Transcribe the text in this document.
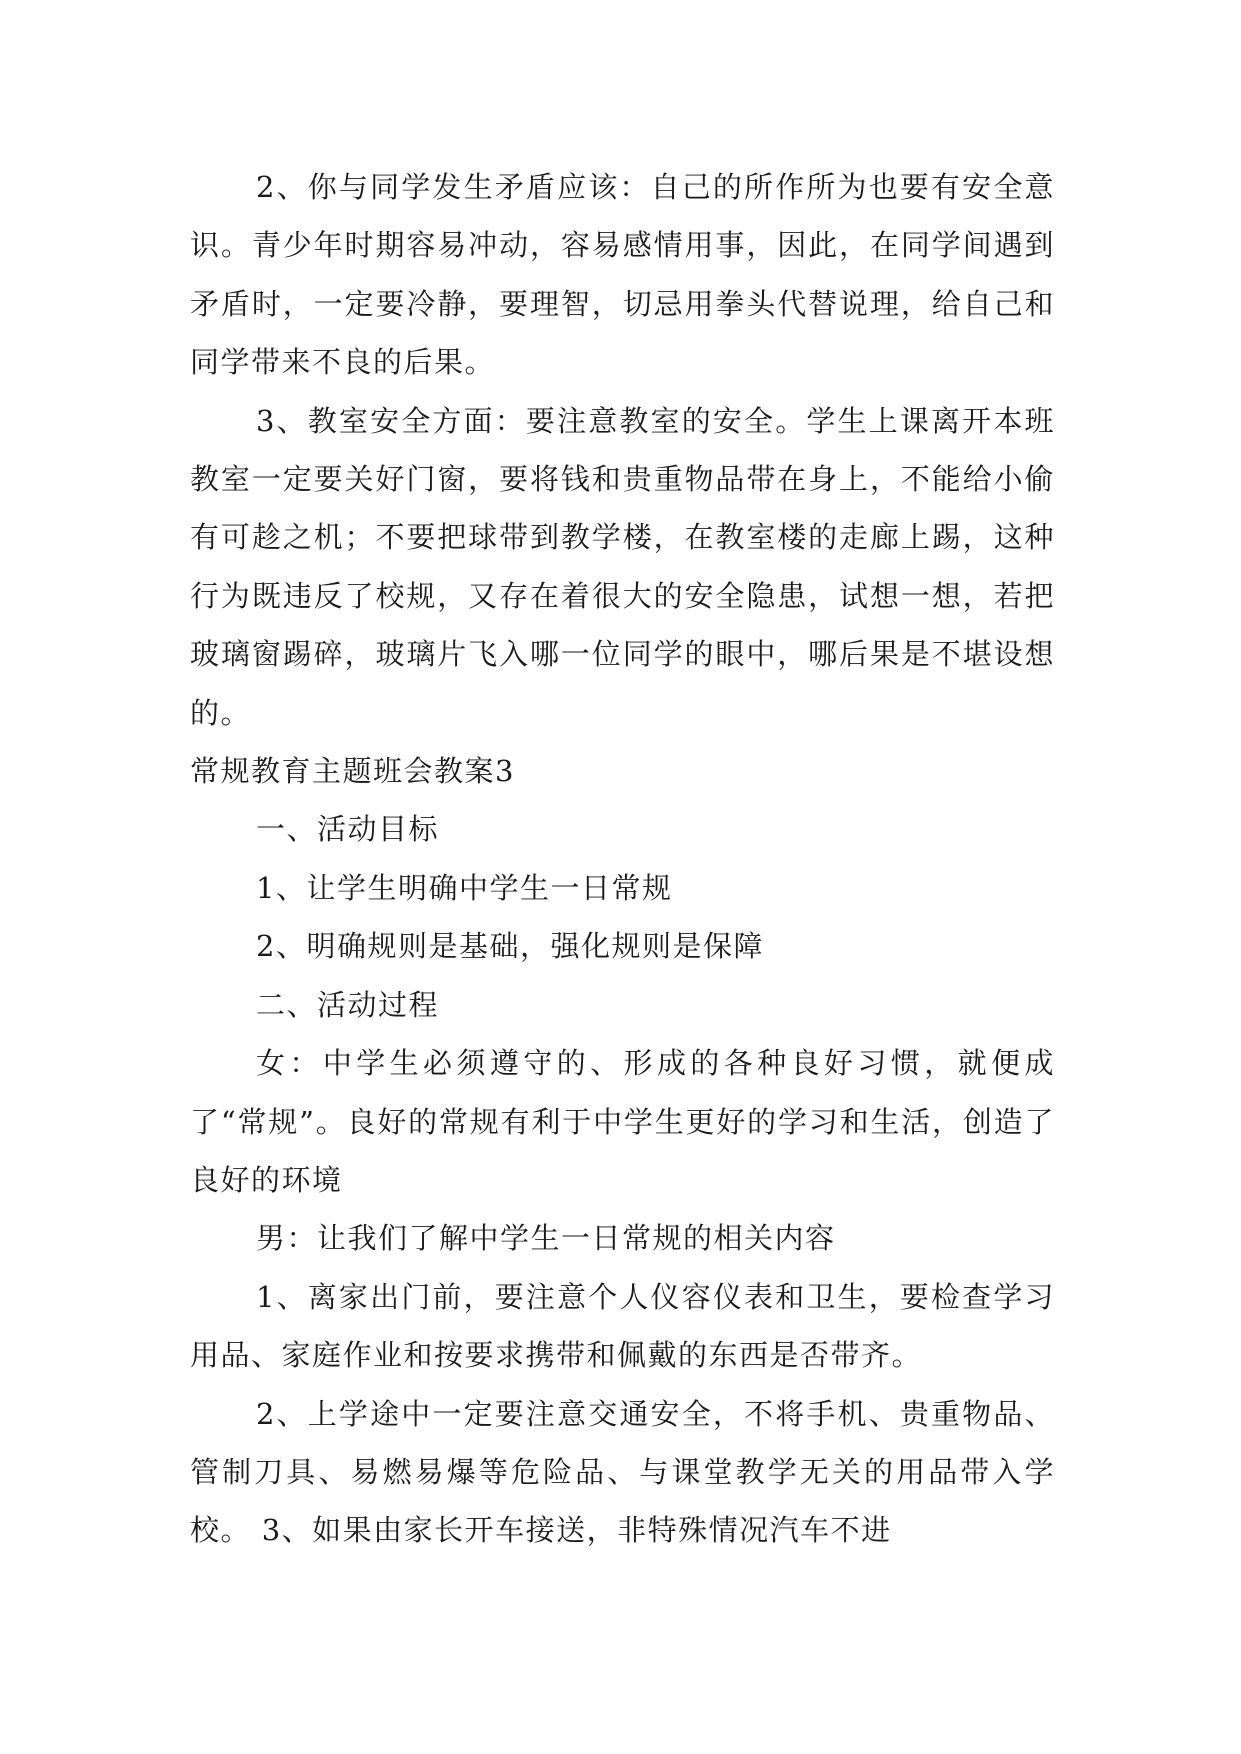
2、你与同学发生矛盾应该：自己的所作所为也要有安全意识。青少年时期容易冲动，容易感情用事，因此，在同学间遇到矛盾时，一定要冷静，要理智，切忌用拳头代替说理，给自己和同学带来不良的后果。

3、教室安全方面：要注意教室的安全。学生上课离开本班教室一定要关好门窗，要将钱和贵重物品带在身上，不能给小偷有可趁之机；不要把球带到教学楼，在教室楼的走廊上踢，这种行为既违反了校规，又存在着很大的安全隐患，试想一想，若把玻璃窗踢碎，玻璃片飞入哪一位同学的眼中，哪后果是不堪设想的。

常规教育主题班会教案3

一、活动目标

1、让学生明确中学生一日常规

2、明确规则是基础，强化规则是保障

二、活动过程

女：中学生必须遵守的、形成的各种良好习惯，就便成了“常规”。良好的常规有利于中学生更好的学习和生活，创造了良好的环境

男：让我们了解中学生一日常规的相关内容

1、离家出门前，要注意个人仪容仪表和卫生，要检查学习用品、家庭作业和按要求携带和佩戴的东西是否带齐。

2、上学途中一定要注意交通安全，不将手机、贵重物品、管制刀具、易燃易爆等危险品、与课堂教学无关的用品带入学校。 3、如果由家长开车接送，非特殊情况汽车不进
